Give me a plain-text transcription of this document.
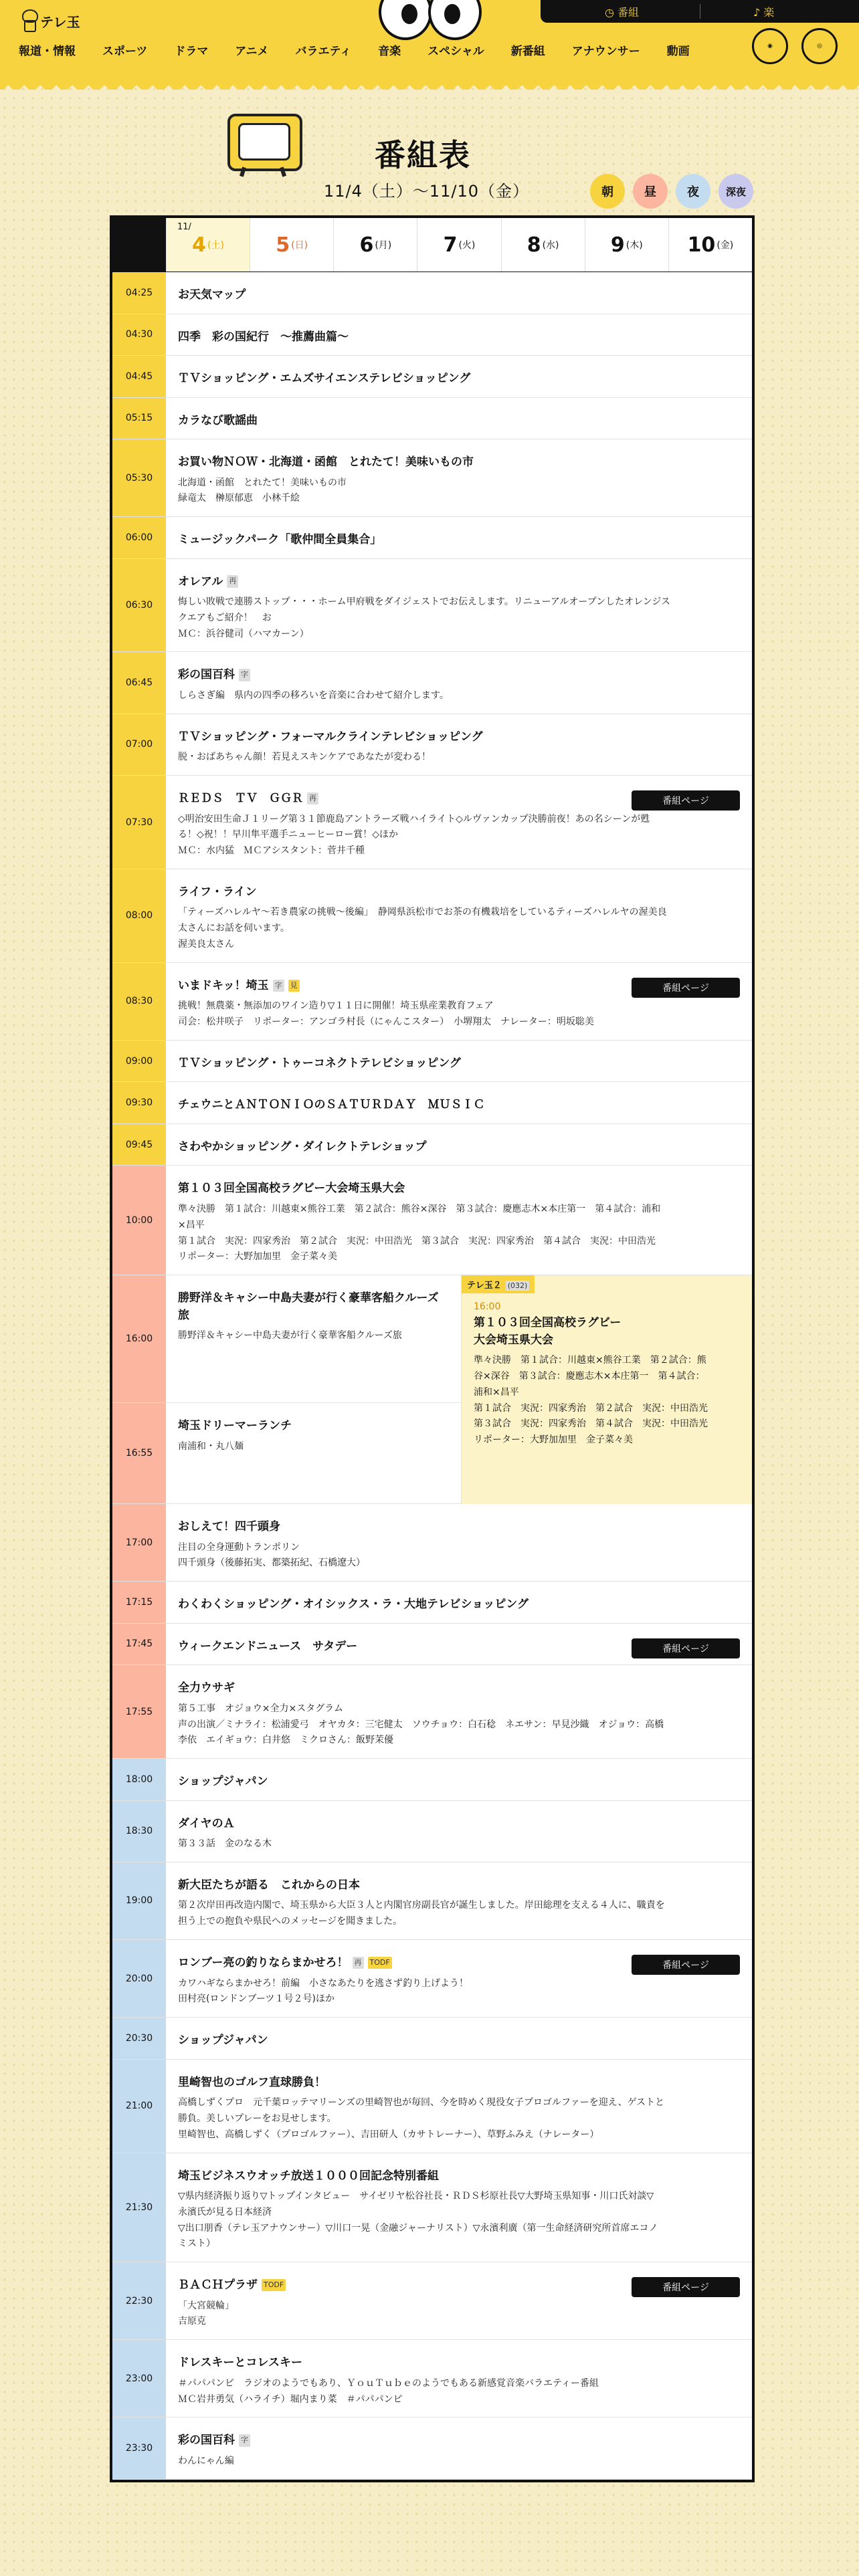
テレ玉
報道・情報 スポーツ ドラマ アニメ バラエティ 音楽 スペシャル 新番組 アナウンサー 動画
◷ 番組	♪ 楽
◉	◎
番組表
11/4（土）〜11/10（金）	朝	昼	夜	深夜
11/
4 (土)	5 (日)	6 (月)	7 (火)	8 (水)	9 (木) 10 (金)
04:25 お天気マップ
04:30 四季　彩の国紀行　〜推薦曲篇〜
04:45 ＴＶショッピング・エムズサイエンステレビショッピング
05:15 カラなび歌謡曲
05:30
お買い物ＮＯＷ・北海道・函館　とれたて！美味いもの市
北海道・函館　とれたて！美味いもの市
緑竜太　榊原郁恵　小林千絵
06:00 ミュージックパーク「歌仲間全員集合」
06:30
オレアル 再
悔しい敗戦で連勝ストップ・・・ホーム甲府戦をダイジェストでお伝えします。リニューアルオープンしたオレンジス
クエアもご紹介！　お
ＭＣ：浜谷健司（ハマカーン）
06:45
彩の国百科 字
しらさぎ編　県内の四季の移ろいを音楽に合わせて紹介します。
07:00
ＴＶショッピング・フォーマルクラインテレビショッピング
脱・おばあちゃん顔！若見えスキンケアであなたが変わる！
07:30
ＲＥＤＳ　ＴＶ　ＧＧＲ 再
◇明治安田生命Ｊ１リーグ第３１節鹿島アントラーズ戦ハイライト◇ルヴァンカップ決勝前夜！あの名シーンが甦
る！◇祝！！早川隼平選手ニューヒーロー賞！◇ほか
ＭＣ：水内猛　ＭＣアシスタント：菅井千種
番組ページ
08:00
ライフ・ライン
「ティーズハレルヤ〜若き農家の挑戦〜後編」　静岡県浜松市でお茶の有機栽培をしているティーズハレルヤの渥美良
太さんにお話を伺います。
渥美良太さん
08:30
いまドキッ！埼玉 字 見
挑戦！無農薬・無添加のワイン造り▽１１日に開催！埼玉県産業教育フェア
司会：松井咲子　リポーター：アンゴラ村長（にゃんこスター）　小堺翔太　ナレーター：明坂聡美
番組ページ
09:00 ＴＶショッピング・トゥーコネクトテレビショッピング
09:30 チェウニとＡＮＴＯＮＩＯのＳＡＴＵＲＤＡＹ　ＭＵＳＩＣ
09:45 さわやかショッピング・ダイレクトテレショップ
10:00
第１０３回全国高校ラグビー大会埼玉県大会
準々決勝　第１試合：川越東×熊谷工業　第２試合：熊谷×深谷　第３試合：慶應志木×本庄第一　第４試合：浦和
×昌平
第１試合　実況：四家秀治　第２試合　実況：中田浩光　第３試合　実況：四家秀治　第４試合　実況：中田浩光
リポーター：大野加加里　金子菜々美
16:00
勝野洋＆キャシー中島夫妻が行く豪華客船クルーズ旅
勝野洋＆キャシー中島夫妻が行く豪華客船クルーズ旅
16:55
埼玉ドリーマーランチ
南浦和・丸八麺
テレ玉２ (032)

16:00
第１０３回全国高校ラグビー
大会埼玉県大会
準々決勝　第１試合：川越東×熊谷工業　第２試合：熊
谷×深谷　第３試合：慶應志木×本庄第一　第４試合：
浦和×昌平
第１試合　実況：四家秀治　第２試合　実況：中田浩光
第３試合　実況：四家秀治　第４試合　実況：中田浩光
リポーター：大野加加里　金子菜々美
17:00
おしえて！四千頭身
注目の全身運動トランポリン
四千頭身（後藤拓実、都築拓紀、石橋遼大）
17:15 わくわくショッピング・オイシックス・ラ・大地テレビショッピング
17:45 ウィークエンドニュース　サタデー	番組ページ
17:55
全力ウサギ
第５工事　オジョウ×全力×スタグラム
声の出演／ミナライ：松浦愛弓　オヤカタ：三宅健太　ソウチョウ：白石稔　ネエサン：早見沙織　オジョウ：高橋
李依　エイギョウ：白井悠　ミクロさん：飯野茉優
18:00 ショップジャパン
18:30
ダイヤのＡ
第３３話　金のなる木
19:00
新大臣たちが語る　これからの日本
第２次岸田再改造内閣で、埼玉県から大臣３人と内閣官房副長官が誕生しました。岸田総理を支える４人に、職責を
担う上での抱負や県民へのメッセージを聞きました。
20:00
ロンブー亮の釣りならまかせろ！ 再 TODF
カワハギならまかせろ！前編　小さなあたりを逃さず釣り上げよう！
田村亮(ロンドンブーツ１号２号)ほか
番組ページ
20:30 ショップジャパン
21:00
里崎智也のゴルフ直球勝負！
高橋しずくプロ　元千葉ロッテマリーンズの里崎智也が毎回、今を時めく現役女子プロゴルファーを迎え、ゲストと
勝負。美しいプレーをお見せします。
里崎智也、高橋しずく（プロゴルファー）、吉田研人（カサトレーナー）、草野ふみえ（ナレーター）
21:30
埼玉ビジネスウオッチ放送１０００回記念特別番組
▽県内経済振り返り▽トップインタビュー　サイゼリヤ松谷社長・ＲＤＳ杉原社長▽大野埼玉県知事・川口氏対談▽
永濱氏が見る日本経済
▽出口朋香（テレ玉アナウンサー）▽川口一晃（金融ジャーナリスト）▽永濱利廣（第一生命経済研究所首席エコノ
ミスト）
22:30
ＢＡＣＨプラザ TODF
「大宮競輪」
吉原克
番組ページ
23:00
ドレスキーとコレスキー
＃パパパンピ　ラジオのようでもあり、ＹｏｕＴｕｂｅのようでもある新感覚音楽バラエティー番組
ＭＣ岩井勇気（ハライチ）堀内まり菜　＃パパパンピ
23:30
彩の国百科 字
わんにゃん編
